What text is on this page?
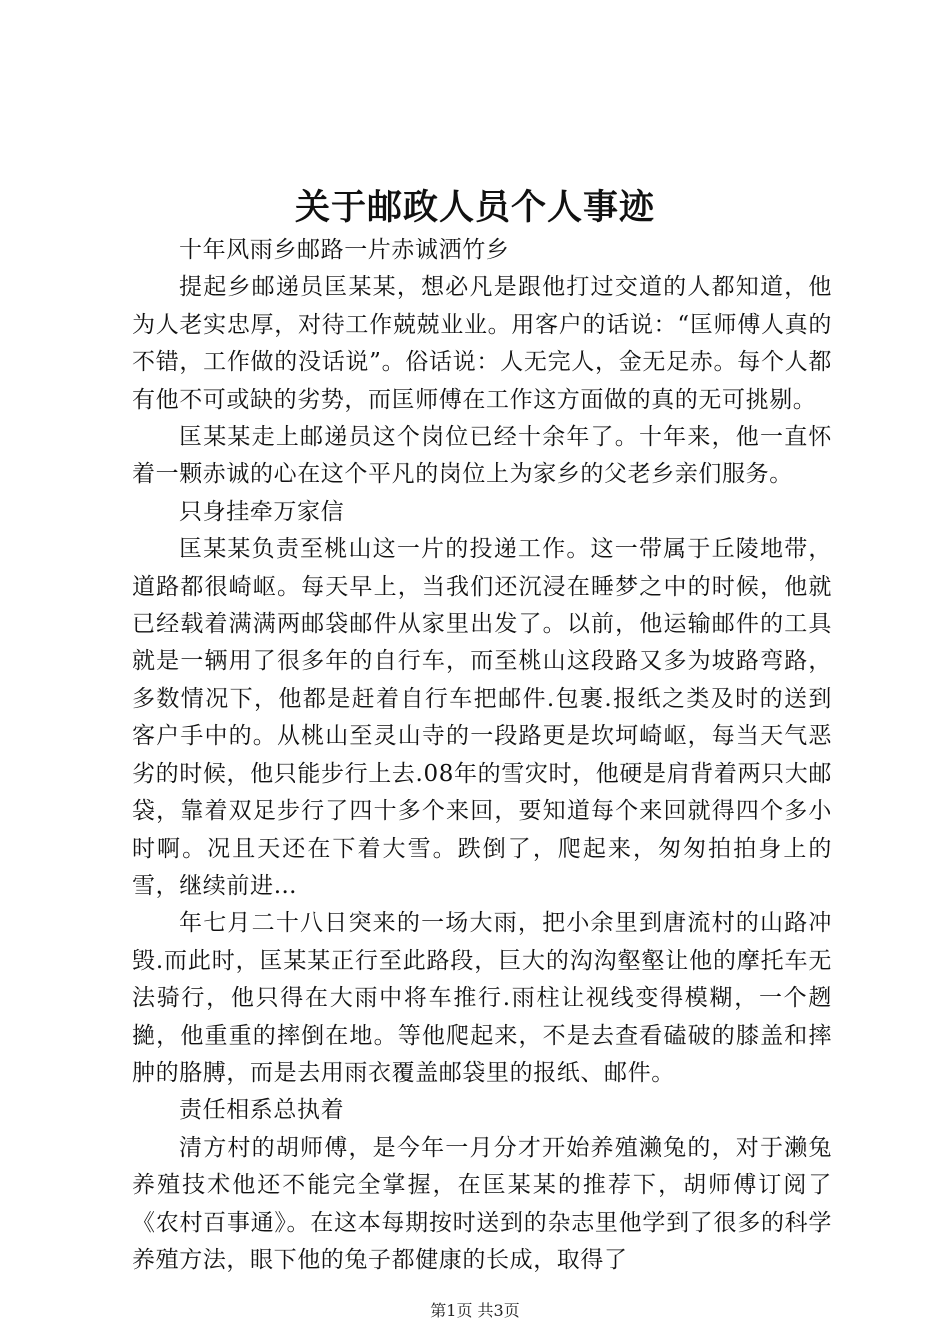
关于邮政人员个人事迹

十年风雨乡邮路一片赤诚洒竹乡

提起乡邮递员匡某某，想必凡是跟他打过交道的人都知道，他为人老实忠厚，对待工作兢兢业业。用客户的话说：“匡师傅人真的不错，工作做的没话说”。俗话说：人无完人，金无足赤。每个人都有他不可或缺的劣势，而匡师傅在工作这方面做的真的无可挑剔。

匡某某走上邮递员这个岗位已经十余年了。十年来，他一直怀着一颗赤诚的心在这个平凡的岗位上为家乡的父老乡亲们服务。

只身挂牵万家信

匡某某负责至桃山这一片的投递工作。这一带属于丘陵地带，道路都很崎岖。每天早上，当我们还沉浸在睡梦之中的时候，他就已经载着满满两邮袋邮件从家里出发了。以前，他运输邮件的工具就是一辆用了很多年的自行车，而至桃山这段路又多为坡路弯路，多数情况下，他都是赶着自行车把邮件.包裹.报纸之类及时的送到客户手中的。从桃山至灵山寺的一段路更是坎坷崎岖，每当天气恶劣的时候，他只能步行上去.08年的雪灾时，他硬是肩背着两只大邮袋，靠着双足步行了四十多个来回，要知道每个来回就得四个多小时啊。况且天还在下着大雪。跌倒了，爬起来，匆匆拍拍身上的雪，继续前进…

年七月二十八日突来的一场大雨，把小余里到唐流村的山路冲毁.而此时，匡某某正行至此路段，巨大的沟沟壑壑让他的摩托车无法骑行，他只得在大雨中将车推行.雨柱让视线变得模糊，一个趔撧，他重重的摔倒在地。等他爬起来，不是去查看磕破的膝盖和摔肿的胳膊，而是去用雨衣覆盖邮袋里的报纸、邮件。

责任相系总执着

清方村的胡师傅，是今年一月分才开始养殖濑兔的，对于濑兔养殖技术他还不能完全掌握，在匡某某的推荐下，胡师傅订阅了《农村百事通》。在这本每期按时送到的杂志里他学到了很多的科学养殖方法，眼下他的兔子都健康的长成，取得了

第1页 共3页
